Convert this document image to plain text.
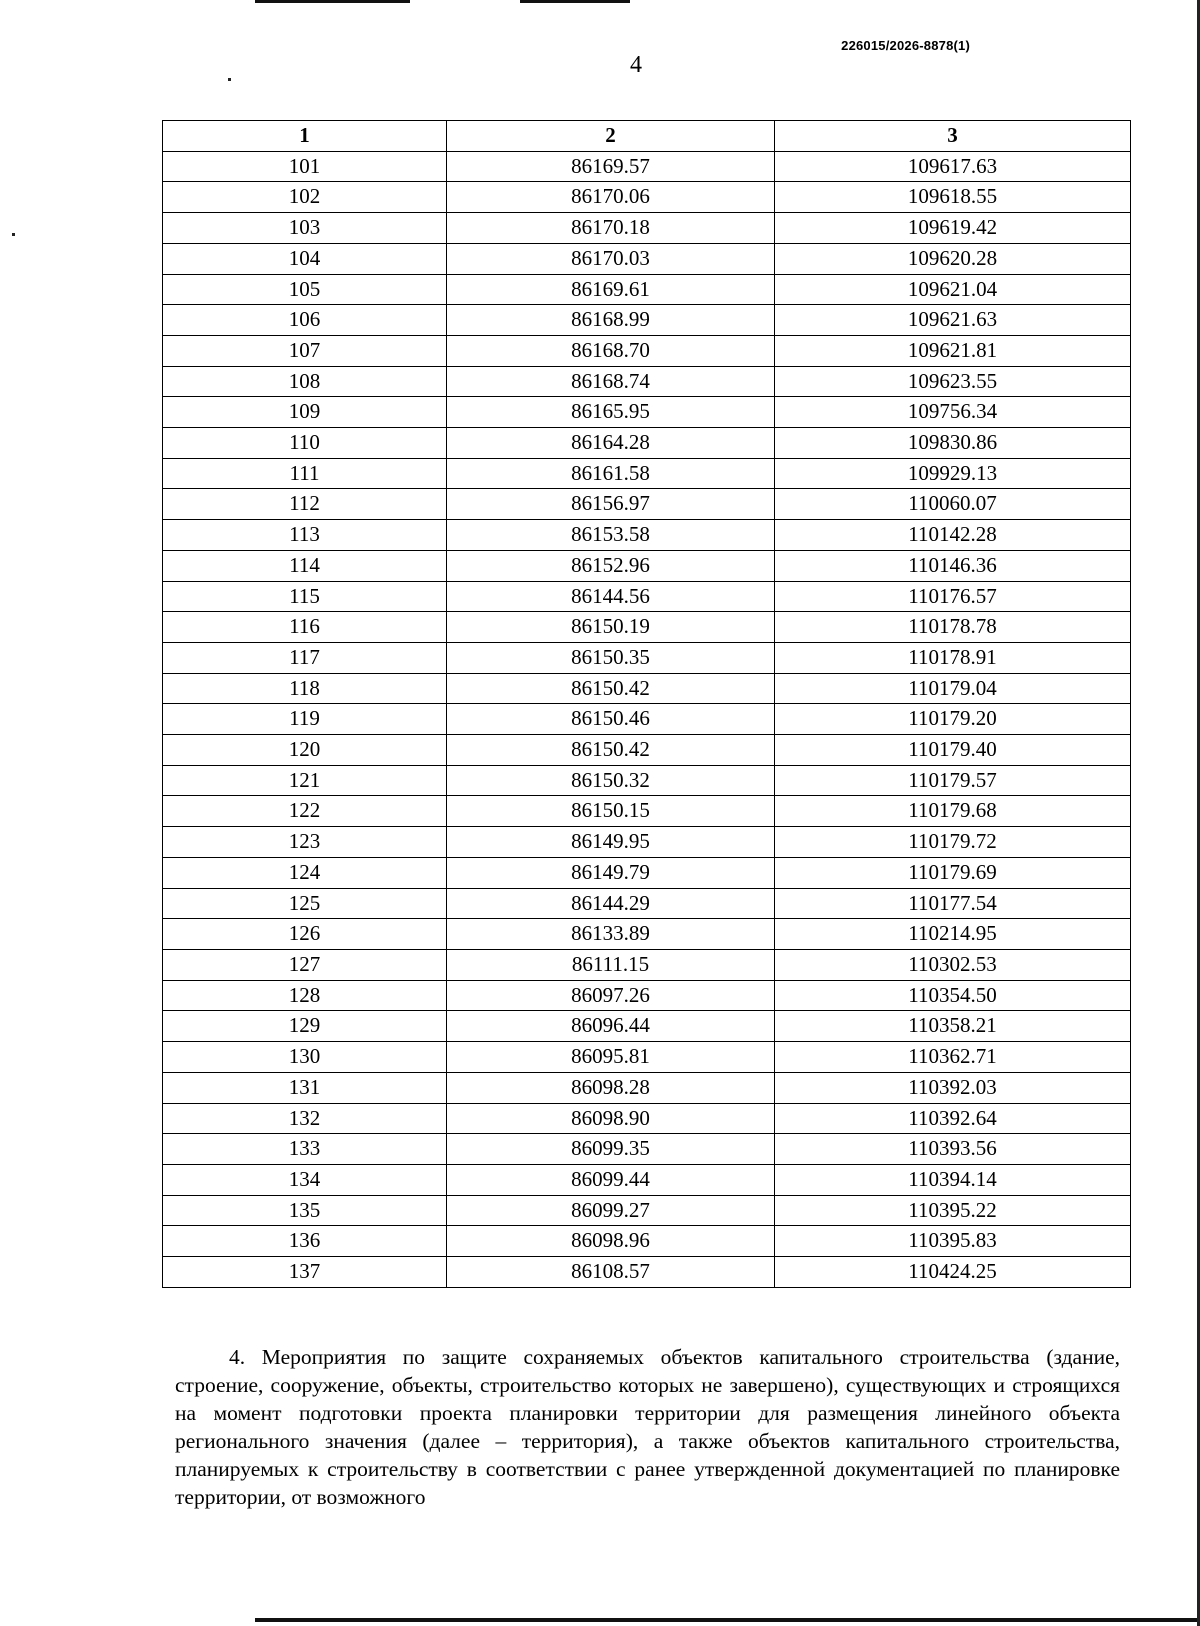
226015/2026-8878(1)
4
1	2	3
101	86169.57	109617.63
102	86170.06	109618.55
103	86170.18	109619.42
104	86170.03	109620.28
105	86169.61	109621.04
106	86168.99	109621.63
107	86168.70	109621.81
108	86168.74	109623.55
109	86165.95	109756.34
110	86164.28	109830.86
111	86161.58	109929.13
112	86156.97	110060.07
113	86153.58	110142.28
114	86152.96	110146.36
115	86144.56	110176.57
116	86150.19	110178.78
117	86150.35	110178.91
118	86150.42	110179.04
119	86150.46	110179.20
120	86150.42	110179.40
121	86150.32	110179.57
122	86150.15	110179.68
123	86149.95	110179.72
124	86149.79	110179.69
125	86144.29	110177.54
126	86133.89	110214.95
127	86111.15	110302.53
128	86097.26	110354.50
129	86096.44	110358.21
130	86095.81	110362.71
131	86098.28	110392.03
132	86098.90	110392.64
133	86099.35	110393.56
134	86099.44	110394.14
135	86099.27	110395.22
136	86098.96	110395.83
137	86108.57	110424.25
4. Мероприятия по защите сохраняемых объектов капитального строительства (здание, строение, сооружение, объекты, строительство которых не завершено), существующих и строящихся на момент подготовки проекта планировки территории для размещения линейного объекта регионального значения (далее – территория), а также объектов капитального строительства, планируемых к строительству в соответствии с ранее утвержденной документацией по планировке территории, от возможного
